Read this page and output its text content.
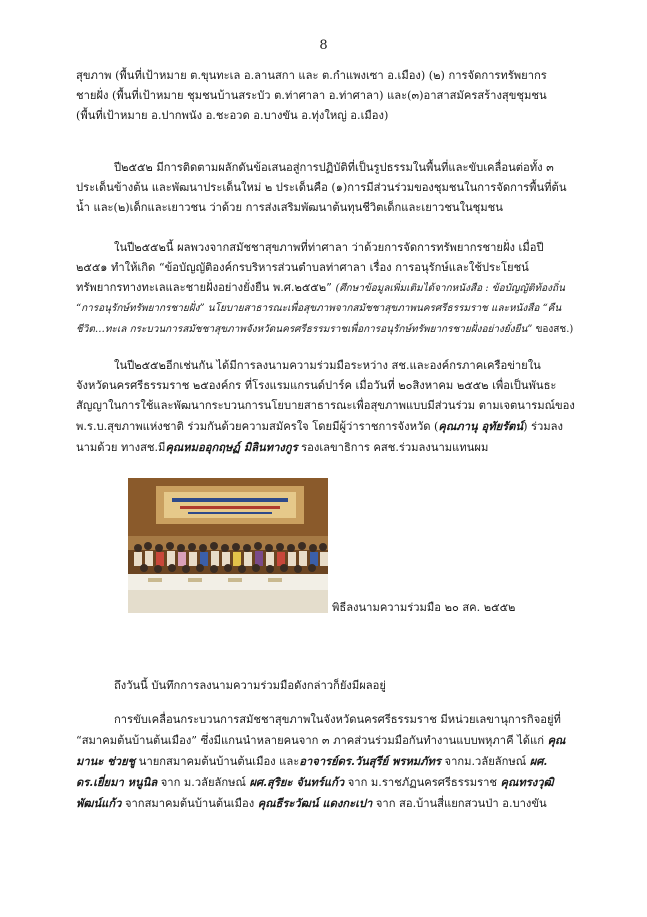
8
สุขภาพ (พื้นที่เป้าหมาย ต.ขุนทะเล อ.ลานสกา และ ต.กำแพงเซา อ.เมือง) (๒) การจัดการทรัพยากร
ชายฝั่ง (พื้นที่เป้าหมาย ชุมชนบ้านสระบัว ต.ท่าศาลา อ.ท่าศาลา) และ(๓)อาสาสมัครสร้างสุขชุมชน
(พื้นที่เป้าหมาย อ.ปากพนัง อ.ชะอวด อ.บางขัน อ.ทุ่งใหญ่ อ.เมือง)
ปี๒๕๕๒ มีการติดตามผลักดันข้อเสนอสู่การปฏิบัติที่เป็นรูปธรรมในพื้นที่และขับเคลื่อนต่อทั้ง ๓
ประเด็นข้างต้น และพัฒนาประเด็นใหม่ ๒ ประเด็นคือ (๑)การมีส่วนร่วมของชุมชนในการจัดการพื้นที่ต้น
น้ำ และ(๒)เด็กและเยาวชน ว่าด้วย การส่งเสริมพัฒนาต้นทุนชีวิตเด็กและเยาวชนในชุมชน
ในปี๒๕๕๒นี้ ผลพวงจากสมัชชาสุขภาพที่ท่าศาลา ว่าด้วยการจัดการทรัพยากรชายฝั่ง เมื่อปี
๒๕๕๑ ทำให้เกิด “ข้อบัญญัติองค์กรบริหารส่วนตำบลท่าศาลา เรื่อง การอนุรักษ์และใช้ประโยชน์
ทรัพยากรทางทะเลและชายฝั่งอย่างยั่งยืน พ.ศ.๒๕๕๒” (ศึกษาข้อมูลเพิ่มเติมได้จากหนังสือ : ข้อบัญญัติท้องถิ่น
“การอนุรักษ์ทรัพยากรชายฝั่ง” นโยบายสาธารณะเพื่อสุขภาพจากสมัชชาสุขภาพนครศรีธรรมราช และหนังสือ “คืน
ชีวิต…ทะเล กระบวนการสมัชชาสุขภาพจังหวัดนครศรีธรรมราชเพื่อการอนุรักษ์ทรัพยากรชายฝั่งอย่างยั่งยืน” ของสช.)
ในปี๒๕๕๒อีกเช่นกัน ได้มีการลงนามความร่วมมือระหว่าง สช.และองค์กรภาคเครือข่ายใน
จังหวัดนครศรีธรรมราช ๒๕องค์กร ที่โรงแรมแกรนด์ปาร์ค เมื่อวันที่ ๒๐สิงหาคม ๒๕๕๒ เพื่อเป็นพันธะ
สัญญาในการใช้และพัฒนากระบวนการนโยบายสาธารณะเพื่อสุขภาพแบบมีส่วนร่วม ตามเจตนารมณ์ของ
พ.ร.บ.สุขภาพแห่งชาติ ร่วมกันด้วยความสมัครใจ โดยมีผู้ว่าราชการจังหวัด (คุณภานุ อุทัยรัตน์) ร่วมลง
นามด้วย ทางสช.มีคุณหมออุกฤษฏ์ มิลินทางกูร รองเลขาธิการ คสช.ร่วมลงนามแทนผม
พิธีลงนามความร่วมมือ ๒๐ สค. ๒๕๕๒
ถึงวันนี้ บันทึกการลงนามความร่วมมือดังกล่าวก็ยังมีผลอยู่
การขับเคลื่อนกระบวนการสมัชชาสุขภาพในจังหวัดนครศรีธรรมราช มีหน่วยเลขานุการกิจอยู่ที่
“สมาคมต้นบ้านต้นเมือง” ซึ่งมีแกนนำหลายคนจาก ๓ ภาคส่วนร่วมมือกันทำงานแบบพหุภาคี ได้แก่ คุณ
มานะ ช่วยชู นายกสมาคมต้นบ้านต้นเมือง และอาจารย์ดร.วันสุรีย์ พรหมภัทร จากม.วลัยลักษณ์ ผศ.
ดร.เยี่ยมา หนูนิล จาก ม.วลัยลักษณ์ ผศ.สุริยะ จันทร์แก้ว จาก ม.ราชภัฏนครศรีธรรมราช คุณทรงวุฒิ
พัฒน์แก้ว จากสมาคมต้นบ้านต้นเมือง คุณธีระวัฒน์ แดงกะเปา จาก สอ.บ้านสี่แยกสวนป่า อ.บางขัน
